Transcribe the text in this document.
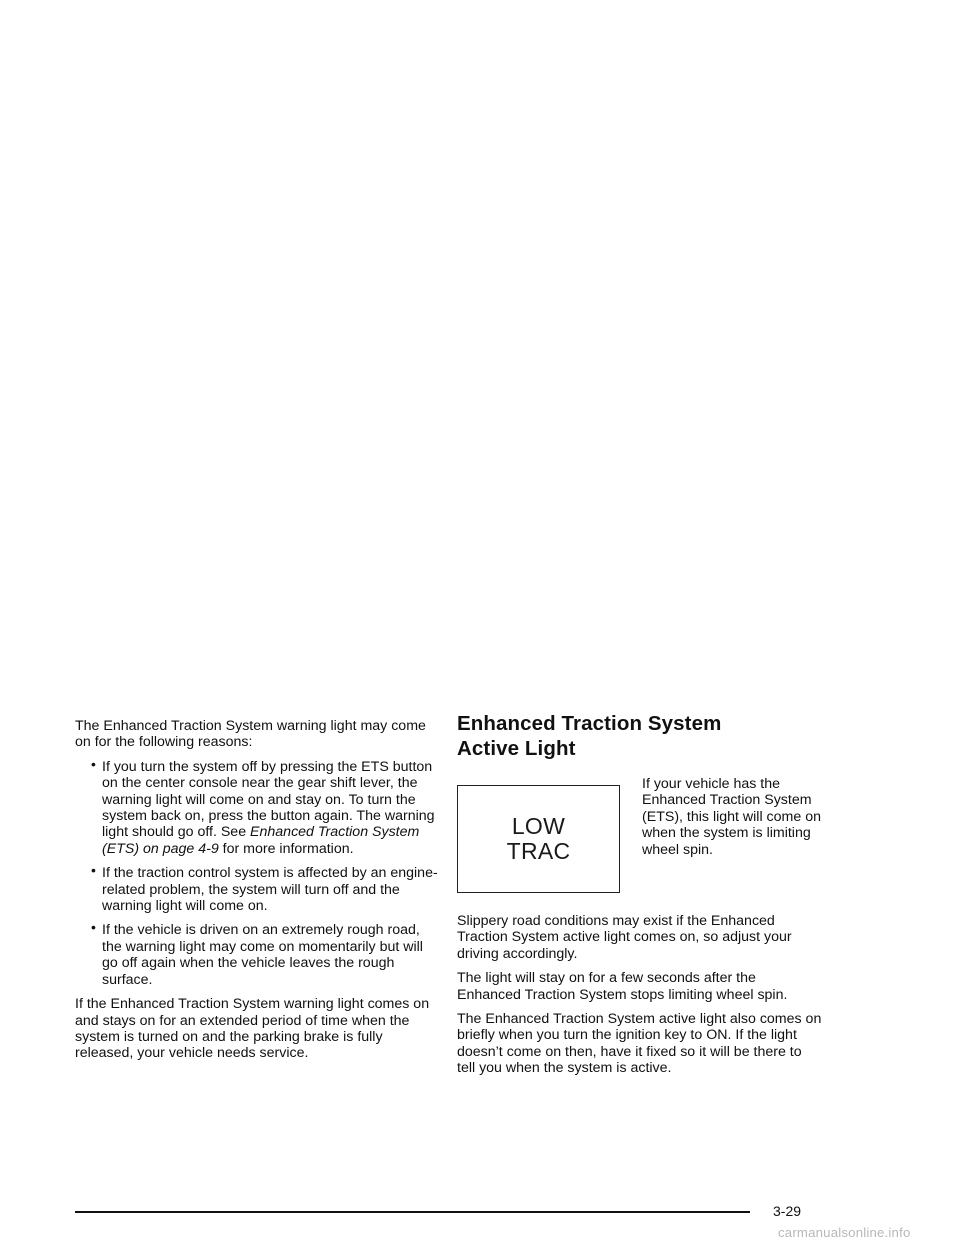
The Enhanced Traction System warning light may come on for the following reasons:

• If you turn the system off by pressing the ETS button on the center console near the gear shift lever, the warning light will come on and stay on. To turn the system back on, press the button again. The warning light should go off. See Enhanced Traction System (ETS) on page 4-9 for more information.
• If the traction control system is affected by an engine-related problem, the system will turn off and the warning light will come on.
• If the vehicle is driven on an extremely rough road, the warning light may come on momentarily but will go off again when the vehicle leaves the rough surface.

If the Enhanced Traction System warning light comes on and stays on for an extended period of time when the system is turned on and the parking brake is fully released, your vehicle needs service.

Enhanced Traction System
Active Light
LOW
TRAC
If your vehicle has the Enhanced Traction System (ETS), this light will come on when the system is limiting wheel spin.

Slippery road conditions may exist if the Enhanced Traction System active light comes on, so adjust your driving accordingly.

The light will stay on for a few seconds after the Enhanced Traction System stops limiting wheel spin.

The Enhanced Traction System active light also comes on briefly when you turn the ignition key to ON. If the light doesn’t come on then, have it fixed so it will be there to tell you when the system is active.

3-29
carmanualsonline.info
